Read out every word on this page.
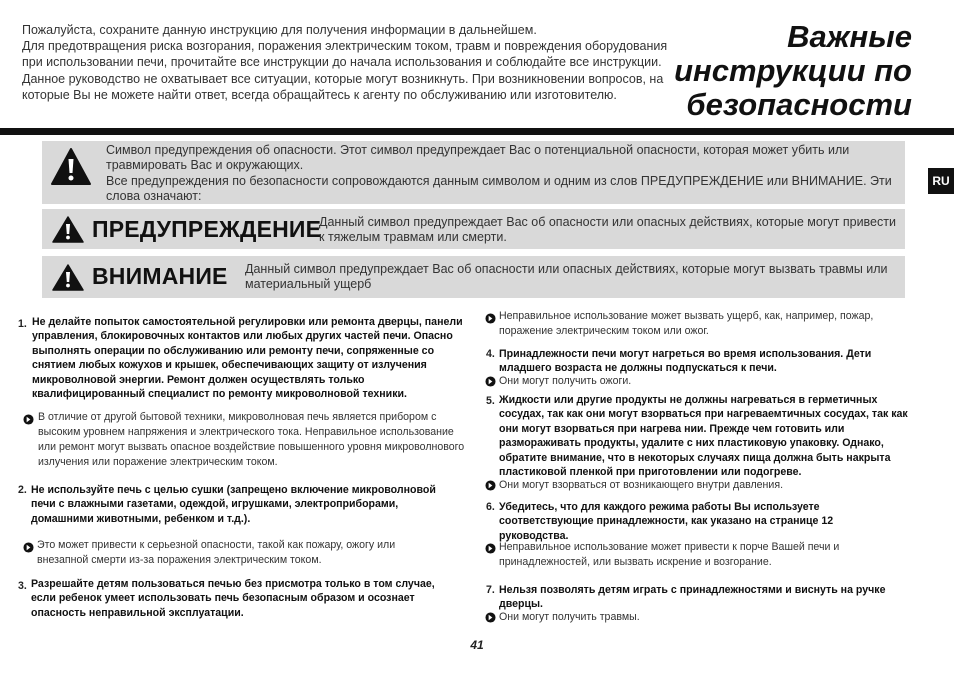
Пожалуйста, сохраните данную инструкцию для получения информации в дальнейшем.

Для предотвращения риска возгорания, поражения электрическим током, травм и повреждения оборудования при использовании печи, прочитайте все инструкции до начала использования и соблюдайте все инструкции. Данное руководство не охватывает все ситуации, которые могут возникнуть. При возникновении вопросов, на которые Вы не можете найти ответ, всегда обращайтесь к агенту по обслуживанию или изготовителю.

Важные
инструкции по
безопасности
RU

Символ предупреждения об опасности. Этот символ предупреждает Вас о потенциальной опасности, которая может убить или травмировать Вас и окружающих.

Все предупреждения по безопасности сопровождаются данным символом и одним из слов ПРЕДУПРЕЖДЕНИЕ или ВНИМАНИЕ. Эти слова означают:

ПРЕДУПРЕЖДЕНИЕ
Данный символ предупреждает Вас об опасности или опасных действиях, которые могут привести к тяжелым травмам или смерти.
ВНИМАНИЕ Данный символ предупреждает Вас об опасности или опасных действиях, которые могут вызвать травмы или материальный ущерб
1. Не делайте попыток самостоятельной регулировки или ремонта дверцы, панели управления, блокировочных контактов или любых других частей печи. Опасно выполнять операции по обслуживанию или ремонту печи, сопряженные со снятием любых кожухов и крышек, обеспечивающих защиту от излучения микроволновой энергии. Ремонт должен осуществлять только квалифицированный специалист по ремонту микроволновой техники.
В отличие от другой бытовой техники, микроволновая печь является прибором с высоким уровнем напряжения и электрического тока. Неправильное использование или ремонт могут вызвать опасное воздействие повышенного уровня микроволнового излучения или поражение электрическим током.
2. Не используйте печь с целью сушки (запрещено включение микроволновой печи с влажными газетами, одеждой, игрушками, электроприборами, домашними животными, ребенком и т.д.).
Это может привести к серьезной опасности, такой как пожару, ожогу или внезапной смерти из-за поражения электрическим током.
3. Разрешайте детям пользоваться печью без присмотра только в том случае, если ребенок умеет использовать печь безопасным образом и осознает опасность неправильной эксплуатации.
Неправильное использование может вызвать ущерб, как, например, пожар, поражение электрическим током или ожог.
4. Принадлежности печи могут нагреться во время использования. Дети младшего возраста не должны подпускаться к печи.
Они могут получить ожоги.
5. Жидкости или другие продукты не должны нагреваться в герметичных сосудах, так как они могут взорваться при нагреваемтичных сосудах, так как они могут взорваться при нагрева нии. Прежде чем готовить или размораживать продукты, удалите с них пластиковую упаковку. Однако, обратите внимание, что в некоторых случаях пища должна быть накрыта пластиковой пленкой при приготовлении или подогреве.
Они могут взорваться от возникающего внутри давления.
6. Убедитесь, что для каждого режима работы Вы используете соответствующие принадлежности, как указано на странице 12 руководства.
Неправильное использование может привести к порче Вашей печи и принадлежностей, или вызвать искрение и возгорание.
7. Нельзя позволять детям играть с принадлежностями и виснуть на ручке дверцы.
Они могут получить травмы.
41
